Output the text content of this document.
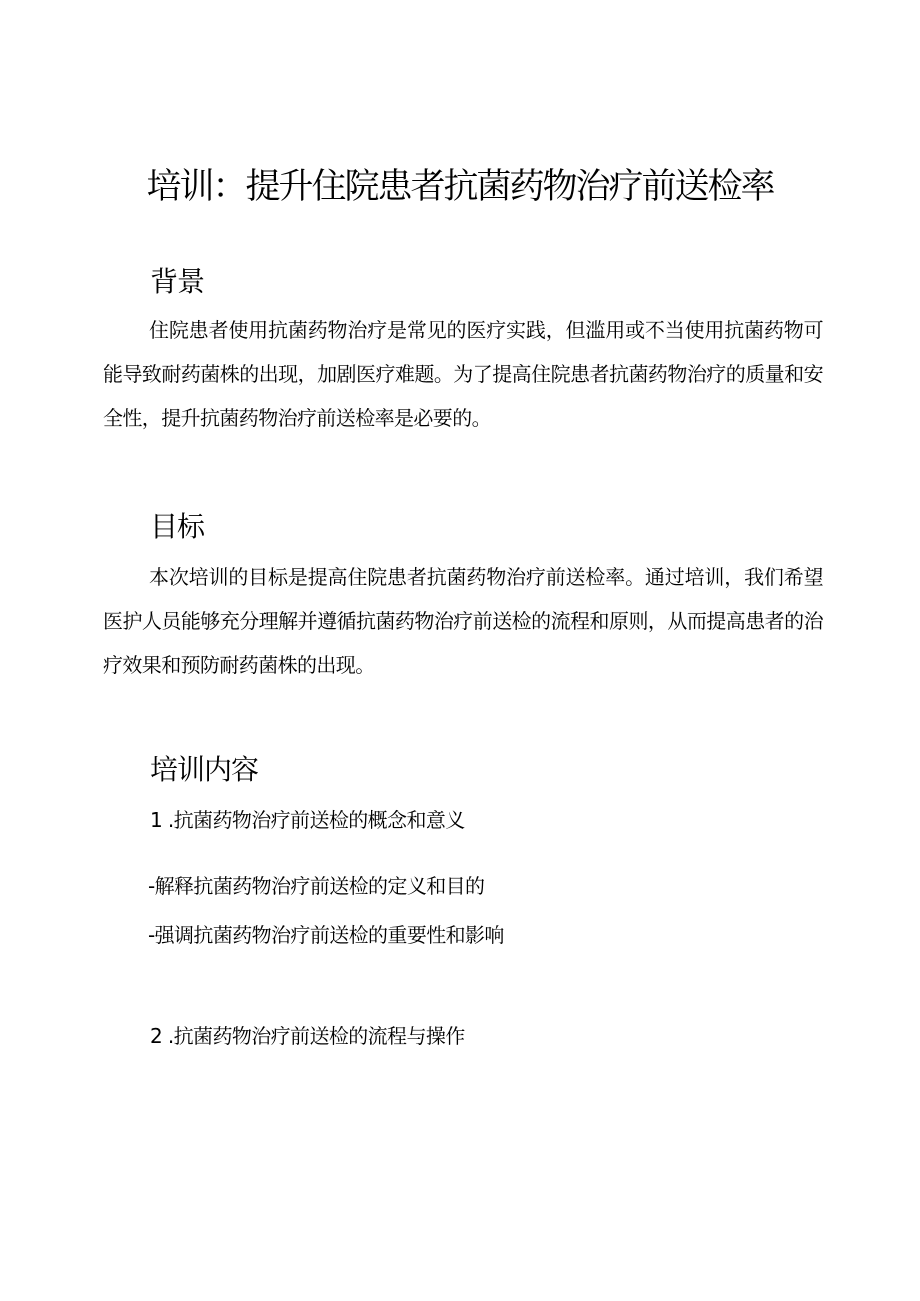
培训：提升住院患者抗菌药物治疗前送检率
背景

住院患者使用抗菌药物治疗是常见的医疗实践，但滥用或不当使用抗菌药物可能导致耐药菌株的出现，加剧医疗难题。为了提高住院患者抗菌药物治疗的质量和安全性，提升抗菌药物治疗前送检率是必要的。

目标

本次培训的目标是提高住院患者抗菌药物治疗前送检率。通过培训，我们希望医护人员能够充分理解并遵循抗菌药物治疗前送检的流程和原则，从而提高患者的治疗效果和预防耐药菌株的出现。

培训内容

1 .抗菌药物治疗前送检的概念和意义

-解释抗菌药物治疗前送检的定义和目的

-强调抗菌药物治疗前送检的重要性和影响

2 .抗菌药物治疗前送检的流程与操作
